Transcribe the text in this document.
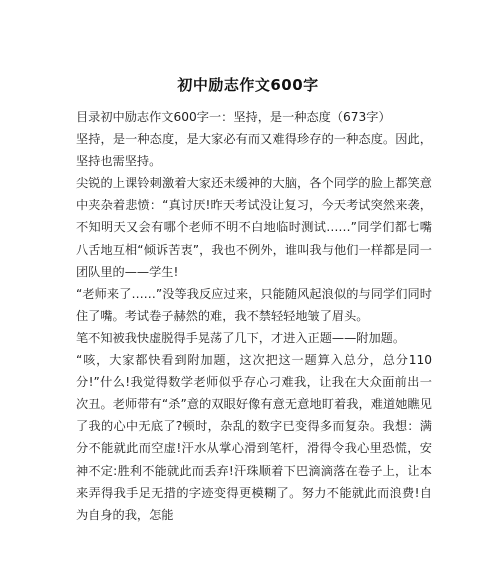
初中励志作文600字

目录初中励志作文600字一：坚持，是一种态度（673字）

坚持，是一种态度，是大家必有而又难得珍存的一种态度。因此，坚持也需坚持。

尖锐的上课铃刺激着大家还未缓神的大脑，各个同学的脸上都笑意中夹杂着悲愤：“真讨厌!昨天考试没让复习，今天考试突然来袭，不知明天又会有哪个老师不明不白地临时测试……”同学们都七嘴八舌地互相“倾诉苦衷”，我也不例外，谁叫我与他们一样都是同一团队里的——学生!

“老师来了……”没等我反应过来，只能随风起浪似的与同学们同时住了嘴。考试卷子赫然的难，我不禁轻轻地皱了眉头。

笔不知被我快虚脱得手晃荡了几下，才进入正题——附加题。

“咳，大家都快看到附加题，这次把这一题算入总分，总分110分!”什么!我觉得数学老师似乎存心刁难我，让我在大众面前出一次丑。老师带有“杀”意的双眼好像有意无意地盯着我，难道她瞧见了我的心中无底了?顿时，杂乱的数字已变得多而复杂。我想：满分不能就此而空虚!汗水从掌心滑到笔杆，滑得令我心里恐慌，安神不定:胜利不能就此而丢弃!汗珠顺着下巴滴滴落在卷子上，让本来弄得我手足无措的字迹变得更模糊了。努力不能就此而浪费!自为自身的我，怎能
